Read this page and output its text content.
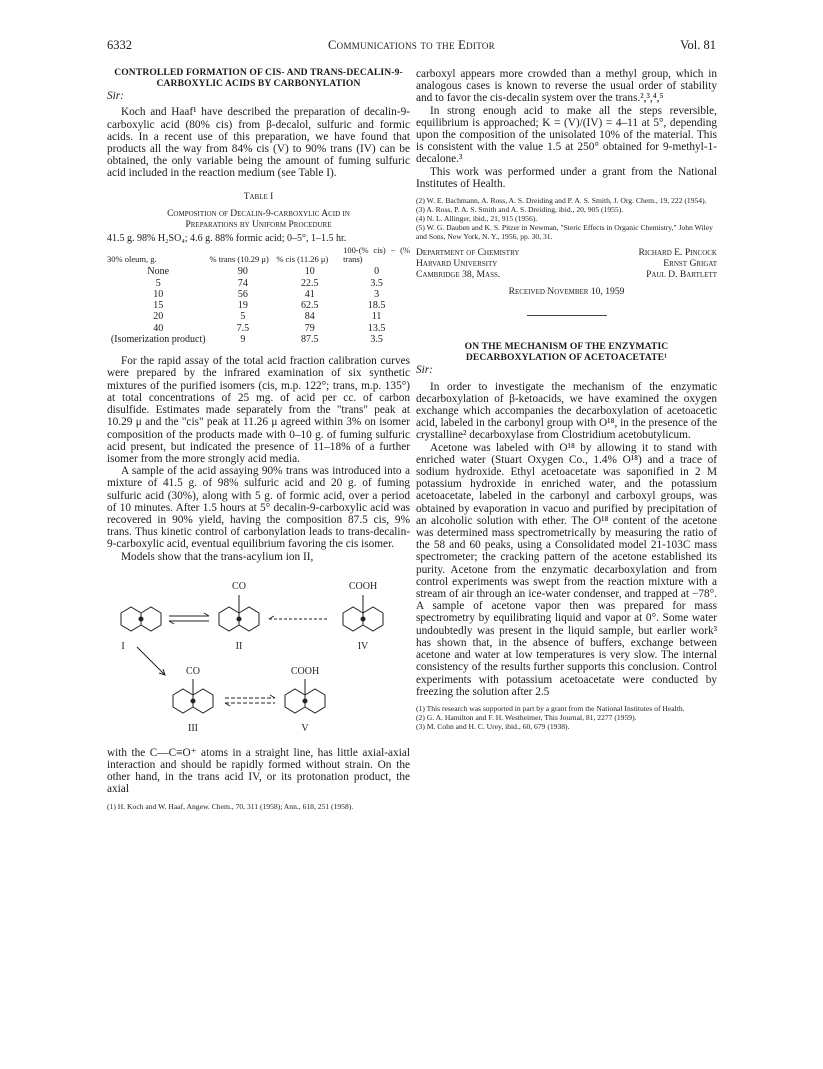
6332	Communications to the Editor	Vol. 81
CONTROLLED FORMATION OF CIS- AND TRANS-DECALIN-9-CARBOXYLIC ACIDS BY CARBONYLATION
Sir:

Koch and Haaf¹ have described the preparation of decalin-9-carboxylic acid (80% cis) from β-decalol, sulfuric and formic acids. In a recent use of this preparation, we have found that products all the way from 84% cis (V) to 90% trans (IV) can be obtained, the only variable being the amount of fuming sulfuric acid included in the reaction medium (see Table I).

Table I
Composition of Decalin-9-carboxylic Acid in
Preparations by Uniform Procedure
41.5 g. 98% H₂SO₄; 4.6 g. 88% formic acid; 0–5°, 1–1.5 hr.
30% oleum, g.	% trans (10.29 μ)	% cis (11.26 μ)	100-(% cis) − (% trans)
None	90	10	0
5	74	22.5	3.5
10	56	41	3
15	19	62.5	18.5
20	5	84	11
40	7.5	79	13.5
(Isomerization product)	9	87.5	3.5

For the rapid assay of the total acid fraction calibration curves were prepared by the infrared examination of six synthetic mixtures of the purified isomers (cis, m.p. 122°; trans, m.p. 135°) at total concentrations of 25 mg. of acid per cc. of carbon disulfide. Estimates made separately from the "trans" peak at 10.29 μ and the "cis" peak at 11.26 μ agreed within 3% on isomer composition of the products made with 0–10 g. of fuming sulfuric acid present, but indicated the presence of 11–18% of a further isomer from the more strongly acid media.

A sample of the acid assaying 90% trans was introduced into a mixture of 41.5 g. of 98% sulfuric acid and 20 g. of fuming sulfuric acid (30%), along with 5 g. of formic acid, over a period of 10 minutes. After 1.5 hours at 5° decalin-9-carboxylic acid was recovered in 90% yield, having the composition 87.5 cis, 9% trans. Thus kinetic control of carbonylation leads to trans-decalin-9-carboxylic acid, eventual equilibrium favoring the cis isomer.

Models show that the trans-acylium ion II,

CO	COOH
CO	COOH
I	II	IV
III	V

with the C—C≡O⁺ atoms in a straight line, has little axial-axial interaction and should be rapidly formed without strain. On the other hand, in the trans acid IV, or its protonation product, the axial

(1) H. Koch and W. Haaf, Angew. Chem., 70, 311 (1958); Ann., 618, 251 (1958).

carboxyl appears more crowded than a methyl group, which in analogous cases is known to reverse the usual order of stability and to favor the cis-decalin system over the trans.²,³,⁴,⁵

In strong enough acid to make all the steps reversible, equilibrium is approached; K = (V)/(IV) = 4–11 at 5°, depending upon the composition of the unisolated 10% of the material. This is consistent with the value 1.5 at 250° obtained for 9-methyl-1-decalone.³

This work was performed under a grant from the National Institutes of Health.

(2) W. E. Bachmann, A. Ross, A. S. Dreiding and P. A. S. Smith, J. Org. Chem., 19, 222 (1954).
(3) A. Ross, P. A. S. Smith and A. S. Dreiding, ibid., 20, 905 (1955).
(4) N. L. Allinger, ibid., 21, 915 (1956).
(5) W. G. Dauben and K. S. Pitzer in Newman, "Steric Effects in Organic Chemistry," John Wiley and Sons, New York, N. Y., 1956, pp. 30, 31.
Department of Chemistry
Harvard University
Cambridge 38, Mass.
Richard E. Pincock
Ernst Grigat
Paul D. Bartlett
Received November 10, 1959
ON THE MECHANISM OF THE ENZYMATIC DECARBOXYLATION OF ACETOACETATE¹
Sir:

In order to investigate the mechanism of the enzymatic decarboxylation of β-ketoacids, we have examined the oxygen exchange which accompanies the decarboxylation of acetoacetic acid, labeled in the carbonyl group with O¹⁸, in the presence of the crystalline² decarboxylase from Clostridium acetobutylicum.

Acetone was labeled with O¹⁸ by allowing it to stand with enriched water (Stuart Oxygen Co., 1.4% O¹⁸) and a trace of sodium hydroxide. Ethyl acetoacetate was saponified in 2 M potassium hydroxide in enriched water, and the potassium acetoacetate, labeled in the carbonyl and carboxyl groups, was obtained by evaporation in vacuo and purified by precipitation of an alcoholic solution with ether. The O¹⁸ content of the acetone was determined mass spectrometrically by measuring the ratio of the 58 and 60 peaks, using a Consolidated model 21-103C mass spectrometer; the cracking pattern of the acetone established its purity. Acetone from the enzymatic decarboxylation and from control experiments was swept from the reaction mixture with a stream of air through an ice-water condenser, and trapped at −78°. A sample of acetone vapor then was prepared for mass spectrometry by equilibrating liquid and vapor at 0°. Some water undoubtedly was present in the liquid sample, but earlier work³ has shown that, in the absence of buffers, exchange between acetone and water at low temperatures is very slow. The internal consistency of the results further supports this conclusion. Control experiments with potassium acetoacetate were conducted by freezing the solution after 2.5

(1) This research was supported in part by a grant from the National Institutes of Health.
(2) G. A. Hamilton and F. H. Westheimer, This Journal, 81, 2277 (1959).
(3) M. Cohn and H. C. Urey, ibid., 60, 679 (1938).
